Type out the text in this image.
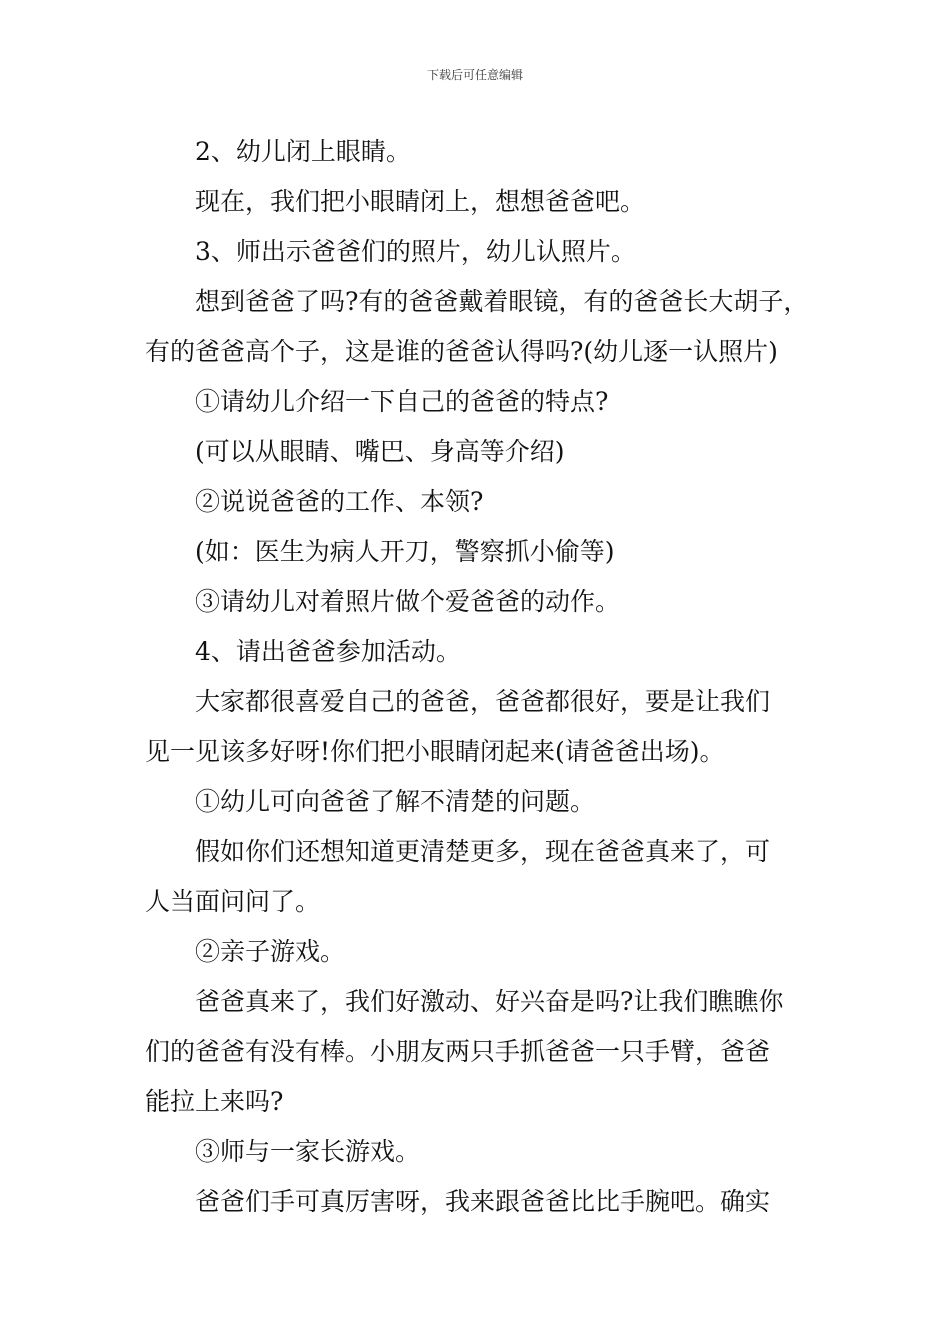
下载后可任意编辑
2、幼儿闭上眼睛。
现在，我们把小眼睛闭上，想想爸爸吧。
3、师出示爸爸们的照片，幼儿认照片。
想到爸爸了吗?有的爸爸戴着眼镜，有的爸爸长大胡子，
有的爸爸高个子，这是谁的爸爸认得吗?(幼儿逐一认照片)
①请幼儿介绍一下自己的爸爸的特点?
(可以从眼睛、嘴巴、身高等介绍)
②说说爸爸的工作、本领?
(如：医生为病人开刀，警察抓小偷等)
③请幼儿对着照片做个爱爸爸的动作。
4、请出爸爸参加活动。
大家都很喜爱自己的爸爸，爸爸都很好，要是让我们
见一见该多好呀!你们把小眼睛闭起来(请爸爸出场)。
①幼儿可向爸爸了解不清楚的问题。
假如你们还想知道更清楚更多，现在爸爸真来了，可
人当面问问了。
②亲子游戏。
爸爸真来了，我们好激动、好兴奋是吗?让我们瞧瞧你
们的爸爸有没有棒。小朋友两只手抓爸爸一只手臂，爸爸
能拉上来吗?
③师与一家长游戏。
爸爸们手可真厉害呀，我来跟爸爸比比手腕吧。确实
